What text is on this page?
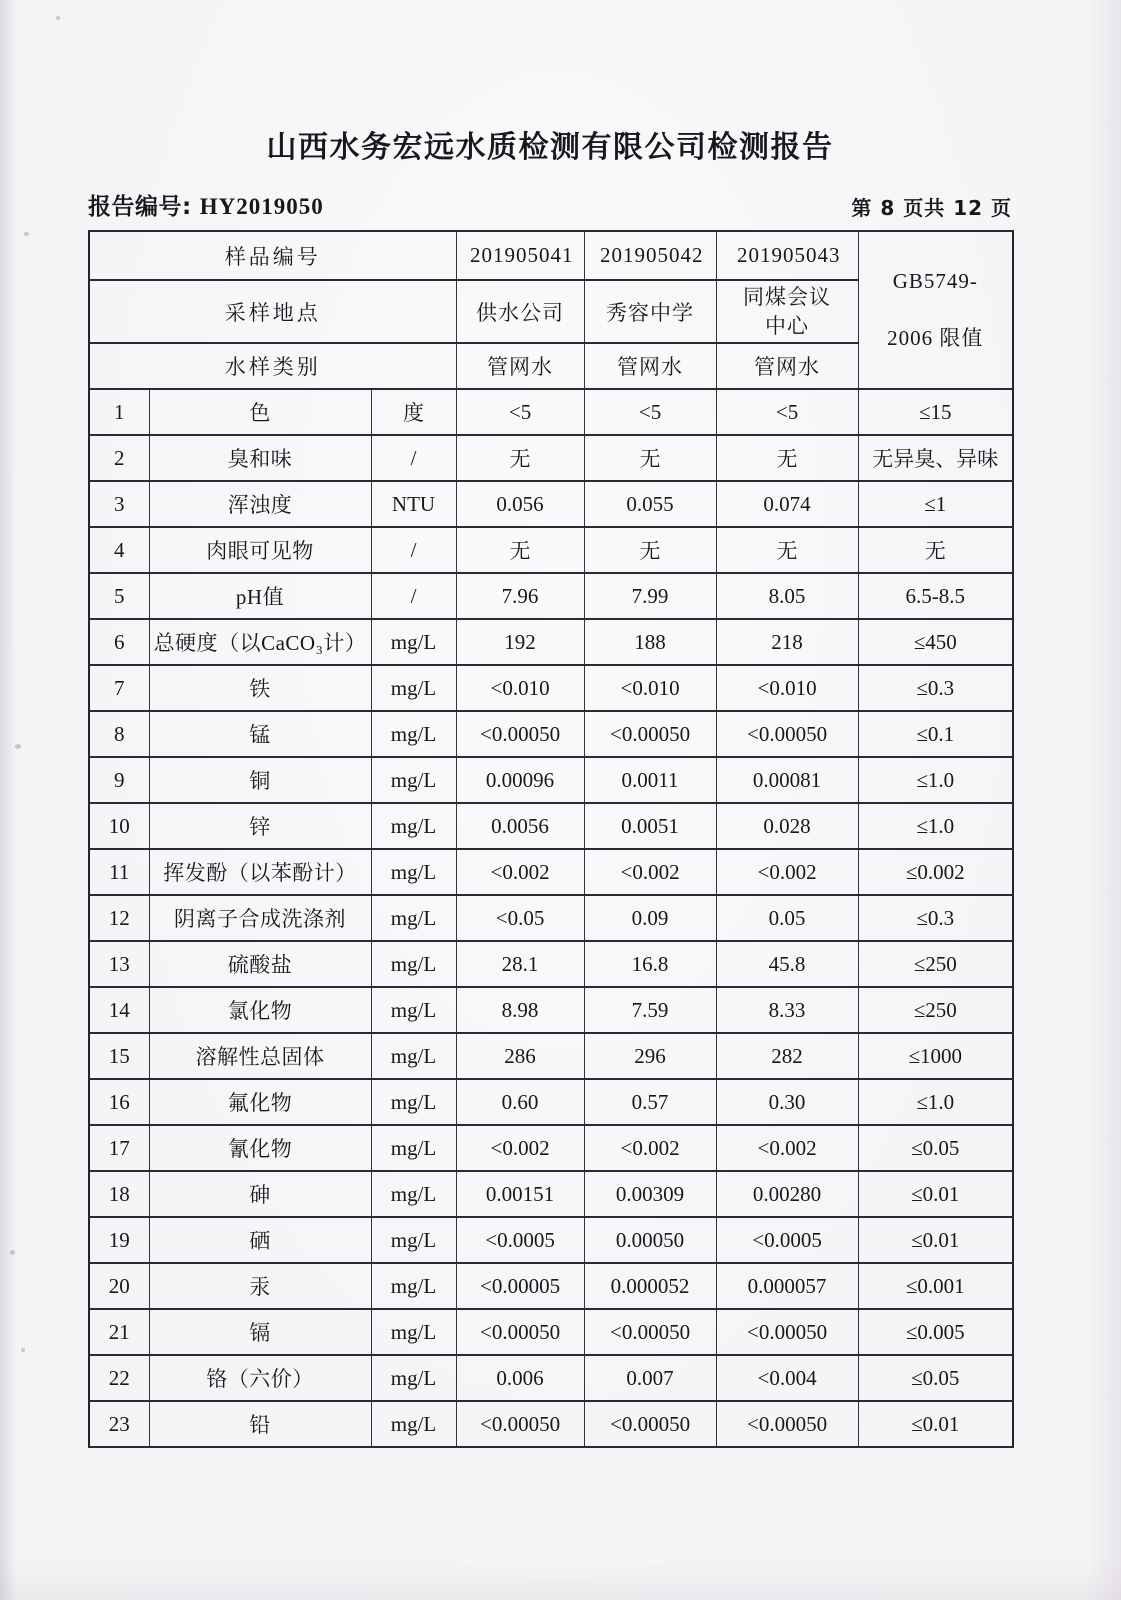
山西水务宏远水质检测有限公司检测报告
报告编号: HY2019050	第 8 页共 12 页
样品编号			201905041	201905042	201905043	GB5749-
2006 限值

采样地点			供水公司	秀容中学	同煤会议中心	
水样类别			管网水	管网水	管网水	
1	色	度	<5	<5	<5	≤15
2	臭和味	/	无	无	无	无异臭、异味
3	浑浊度	NTU	0.056	0.055	0.074	≤1
4	肉眼可见物	/	无	无	无	无
5	pH值	/	7.96	7.99	8.05	6.5-8.5
6	总硬度（以CaCO₃计）	mg/L	192	188	218	≤450
7	铁	mg/L	<0.010	<0.010	<0.010	≤0.3
8	锰	mg/L	<0.00050	<0.00050	<0.00050	≤0.1
9	铜	mg/L	0.00096	0.0011	0.00081	≤1.0
10	锌	mg/L	0.0056	0.0051	0.028	≤1.0
11	挥发酚（以苯酚计）	mg/L	<0.002	<0.002	<0.002	≤0.002
12	阴离子合成洗涤剂	mg/L	<0.05	0.09	0.05	≤0.3
13	硫酸盐	mg/L	28.1	16.8	45.8	≤250
14	氯化物	mg/L	8.98	7.59	8.33	≤250
15	溶解性总固体	mg/L	286	296	282	≤1000
16	氟化物	mg/L	0.60	0.57	0.30	≤1.0
17	氰化物	mg/L	<0.002	<0.002	<0.002	≤0.05
18	砷	mg/L	0.00151	0.00309	0.00280	≤0.01
19	硒	mg/L	<0.0005	0.00050	<0.0005	≤0.01
20	汞	mg/L	<0.00005	0.000052	0.000057	≤0.001
21	镉	mg/L	<0.00050	<0.00050	<0.00050	≤0.005
22	铬（六价）	mg/L	0.006	0.007	<0.004	≤0.05
23	铅	mg/L	<0.00050	<0.00050	<0.00050	≤0.01
